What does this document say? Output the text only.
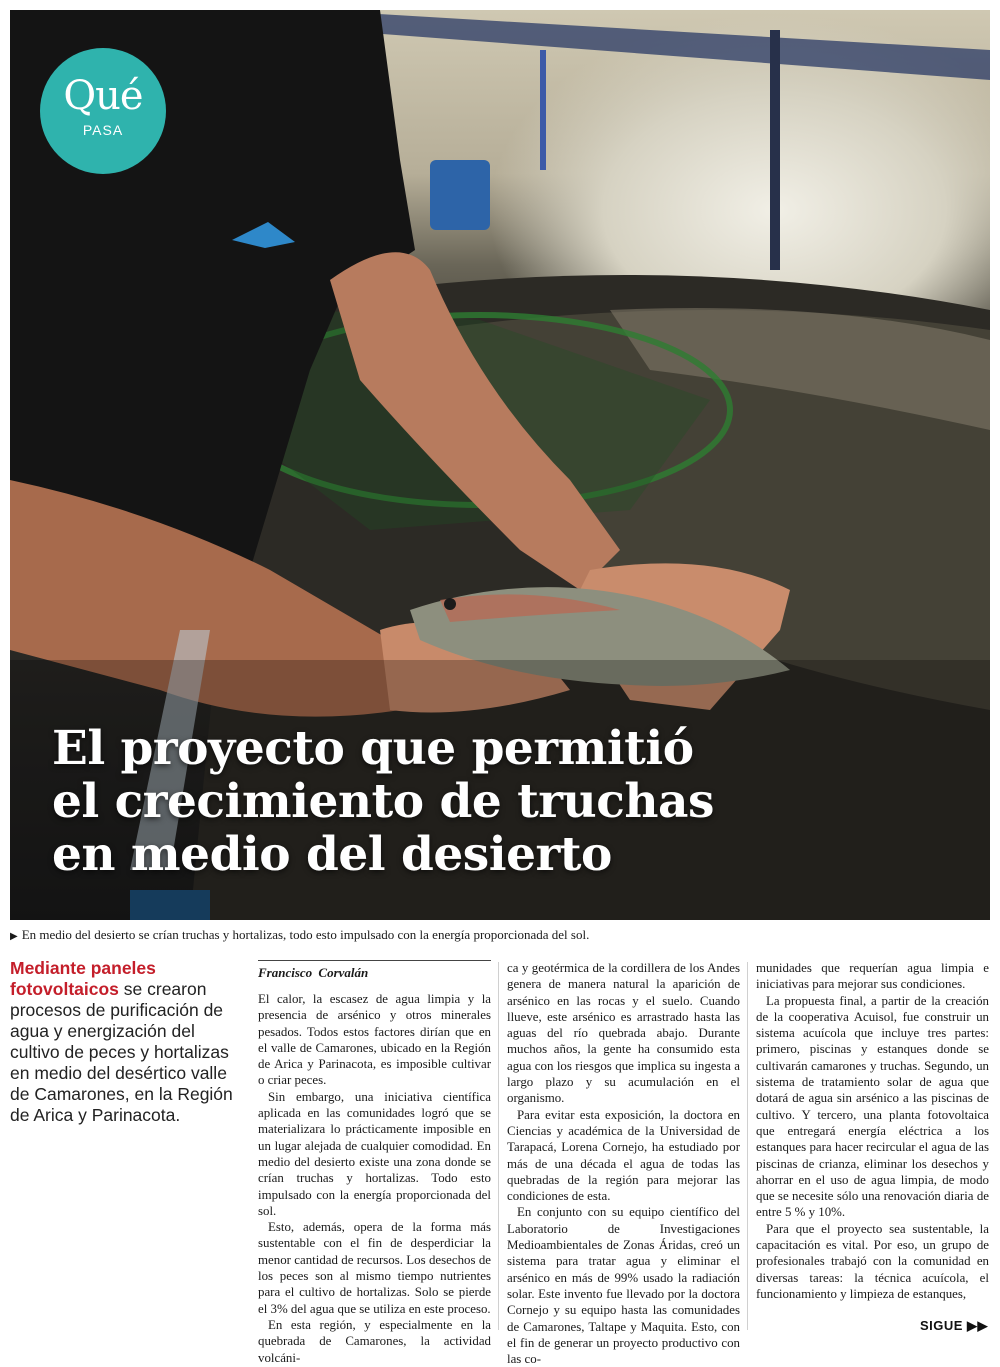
Qué
PASA
El proyecto que permitió
el crecimiento de truchas
en medio del desierto
▶ En medio del desierto se crían truchas y hortalizas, todo esto impulsado con la energía proporcionada del sol.
Mediante paneles fotovoltaicos se crearon procesos de purificación de agua y energización del cultivo de peces y hortalizas en medio del desértico valle de Camarones, en la Región de Arica y Parinacota.
Francisco Corvalán

El calor, la escasez de agua limpia y la presencia de arsénico y otros minerales pesados. Todos estos factores dirían que en el valle de Camarones, ubicado en la Región de Arica y Parinacota, es imposible cultivar o criar peces.

Sin embargo, una iniciativa científica aplicada en las comunidades logró que se materializara lo prácticamente imposible en un lugar alejada de cualquier comodidad. En medio del desierto existe una zona donde se crían truchas y hortalizas. Todo esto impulsado con la energía proporcionada del sol.

Esto, además, opera de la forma más sustentable con el fin de desperdiciar la menor cantidad de recursos. Los desechos de los peces son al mismo tiempo nutrientes para el cultivo de hortalizas. Solo se pierde el 3% del agua que se utiliza en este proceso.

En esta región, y especialmente en la quebrada de Camarones, la actividad volcáni-

ca y geotérmica de la cordillera de los Andes genera de manera natural la aparición de arsénico en las rocas y el suelo. Cuando llueve, este arsénico es arrastrado hasta las aguas del río quebrada abajo. Durante muchos años, la gente ha consumido esta agua con los riesgos que implica su ingesta a largo plazo y su acumulación en el organismo.

Para evitar esta exposición, la doctora en Ciencias y académica de la Universidad de Tarapacá, Lorena Cornejo, ha estudiado por más de una década el agua de todas las quebradas de la región para mejorar las condiciones de esta.

En conjunto con su equipo científico del Laboratorio de Investigaciones Medioambientales de Zonas Áridas, creó un sistema para tratar agua y eliminar el arsénico en más de 99% usado la radiación solar. Este invento fue llevado por la doctora Cornejo y su equipo hasta las comunidades de Camarones, Taltape y Maquita. Esto, con el fin de generar un proyecto productivo con las co-

munidades que requerían agua limpia e iniciativas para mejorar sus condiciones.

La propuesta final, a partir de la creación de la cooperativa Acuisol, fue construir un sistema acuícola que incluye tres partes: primero, piscinas y estanques donde se cultivarán camarones y truchas. Segundo, un sistema de tratamiento solar de agua que dotará de agua sin arsénico a las piscinas de cultivo. Y tercero, una planta fotovoltaica que entregará energía eléctrica a los estanques para hacer recircular el agua de las piscinas de crianza, eliminar los desechos y ahorrar en el uso de agua limpia, de modo que se necesite sólo una renovación diaria de entre 5 % y 10%.

Para que el proyecto sea sustentable, la capacitación es vital. Por eso, un grupo de profesionales trabajó con la comunidad en diversas tareas: la técnica acuícola, el funcionamiento y limpieza de estanques,

SIGUE ▶▶
